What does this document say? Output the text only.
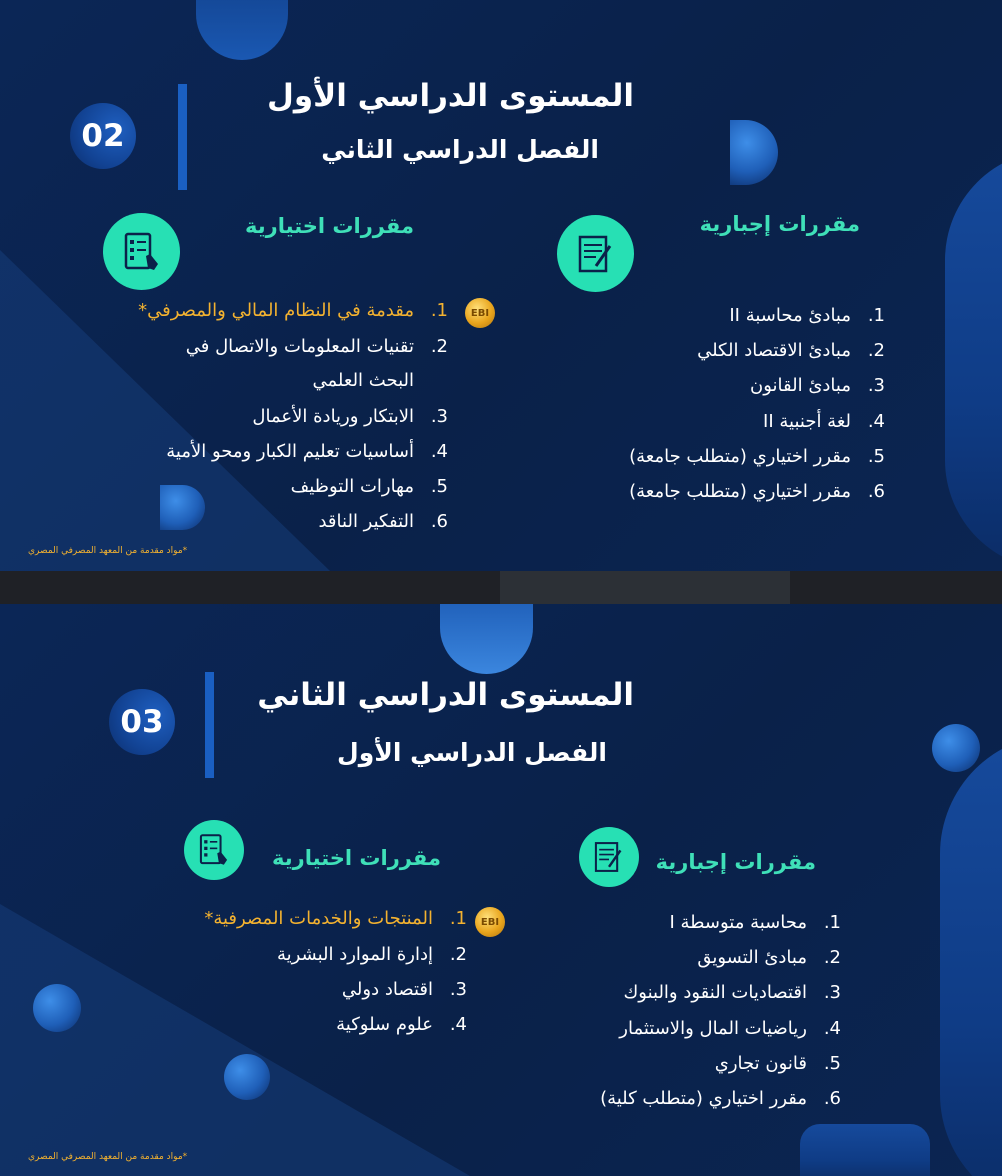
02
المستوى الدراسي الأول
الفصل الدراسي الثاني
مقررات إجبارية
1.مبادئ محاسبة II
2.مبادئ الاقتصاد الكلي
3.مبادئ القانون
4.لغة أجنبية II
5.مقرر اختياري (متطلب جامعة)
6.مقرر اختياري (متطلب جامعة)
مقررات اختيارية
EBI
1.مقدمة في النظام المالي والمصرفي*
2.تقنيات المعلومات والاتصال في
البحث العلمي
3.الابتكار وريادة الأعمال
4.أساسيات تعليم الكبار ومحو الأمية
5.مهارات التوظيف
6.التفكير الناقد
*مواد مقدمة من المعهد المصرفي المصري
03
المستوى الدراسي الثاني
الفصل الدراسي الأول
مقررات إجبارية
1.محاسبة متوسطة I
2.مبادئ التسويق
3.اقتصاديات النقود والبنوك
4.رياضيات المال والاستثمار
5.قانون تجاري
6.مقرر اختياري (متطلب كلية)
مقررات اختيارية
EBI
1.المنتجات والخدمات المصرفية*
2.إدارة الموارد البشرية
3.اقتصاد دولي
4.علوم سلوكية
*مواد مقدمة من المعهد المصرفي المصري
